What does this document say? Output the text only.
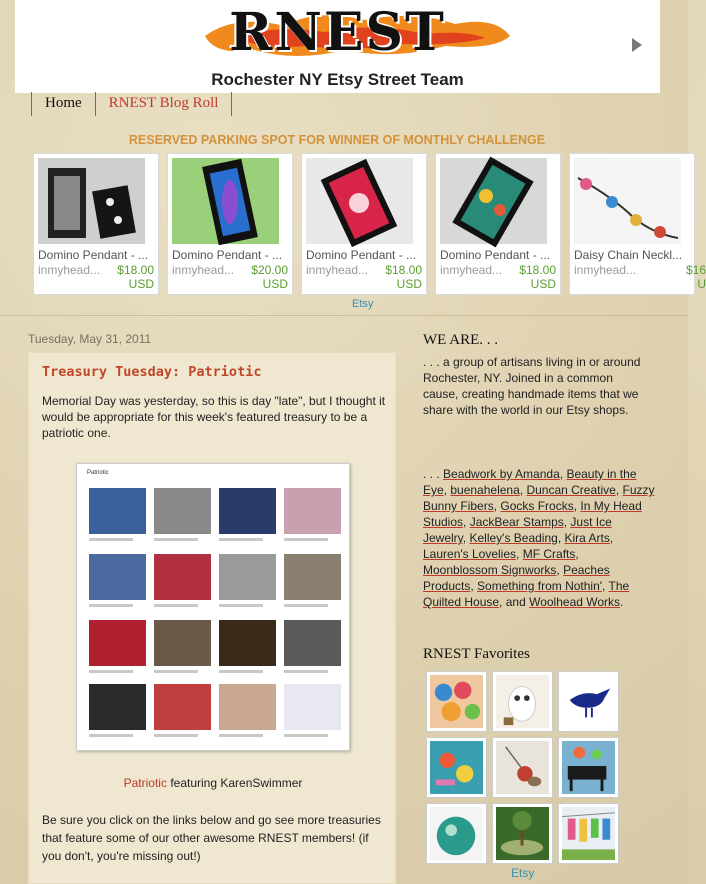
RNEST
Rochester NY Etsy Street Team
Home	RNEST Blog Roll
RESERVED PARKING SPOT FOR WINNER OF MONTHLY CHALLENGE
Domino Pendant - ...
inmyhead...	$18.00
USD
Domino Pendant - ...
inmyhead...	$20.00
USD
Domino Pendant - ...
inmyhead...	$18.00
USD
Domino Pendant - ...
inmyhead...	$18.00
USD
Daisy Chain Neckl...
inmyhead...	$16
U
Etsy
Tuesday, May 31, 2011
Treasury Tuesday: Patriotic
Memorial Day was yesterday, so this is day "late", but I thought it would be appropriate for this week's featured treasury to be a patriotic one.
Patriotic
Patriotic featuring KarenSwimmer
Be sure you click on the links below and go see more treasuries that feature some of our other awesome RNEST members! (if you don't, you're missing out!)
WE ARE. . .
. . . a group of artisans living in or around Rochester, NY. Joined in a common cause, creating handmade items that we share with the world in our Etsy shops.
. . . Beadwork by Amanda, Beauty in the Eye, buenahelena, Duncan Creative, Fuzzy Bunny Fibers, Gocks Frocks, In My Head Studios, JackBear Stamps, Just Ice Jewelry, Kelley's Beading, Kira Arts, Lauren's Lovelies, MF Crafts, Moonblossom Signworks, Peaches Products, Something from Nothin', The Quilted House, and Woolhead Works.
RNEST Favorites
Etsy
